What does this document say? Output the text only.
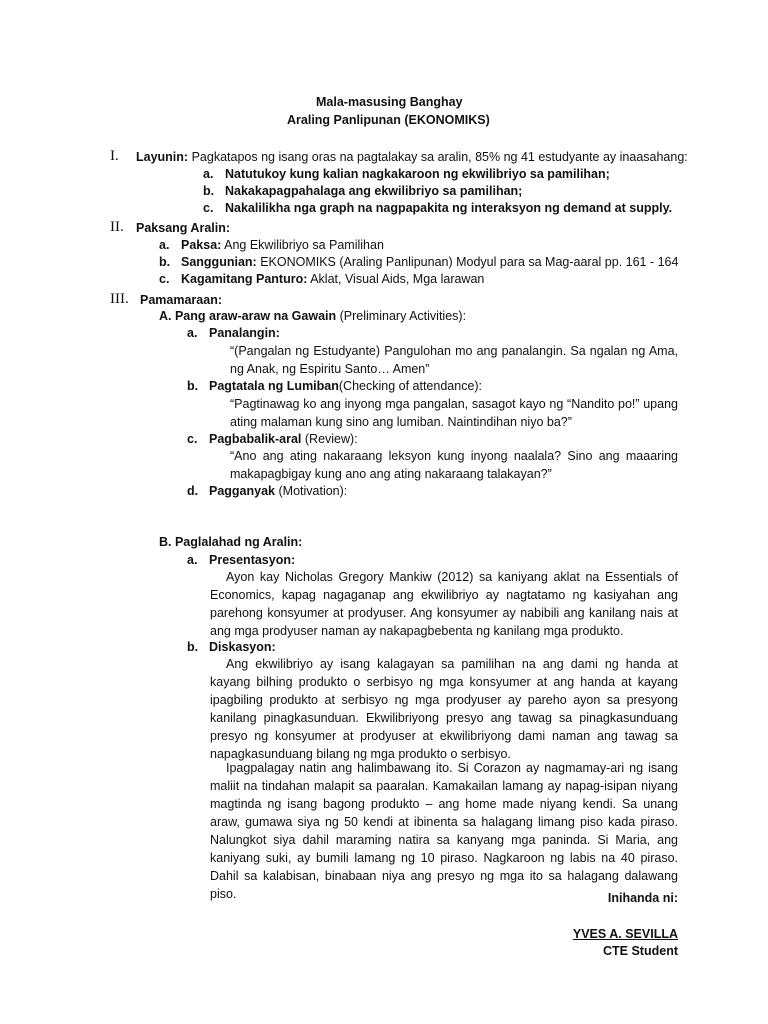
Mala-masusing Banghay
Araling Panlipunan (EKONOMIKS)
I. Layunin: Pagkatapos ng isang oras na pagtalakay sa aralin, 85% ng 41 estudyante ay inaasahang:
a. Natutukoy kung kalian nagkakaroon ng ekwilibriyo sa pamilihan;
b. Nakakapagpahalaga ang ekwilibriyo sa pamilihan;
c. Nakalilikha nga graph na nagpapakita ng interaksyon ng demand at supply.
II. Paksang Aralin:
a. Paksa: Ang Ekwilibriyo sa Pamilihan
b. Sanggunian: EKONOMIKS (Araling Panlipunan) Modyul para sa Mag-aaral pp. 161 - 164
c. Kagamitang Panturo: Aklat, Visual Aids, Mga larawan
III. Pamamaraan:
A. Pang araw-araw na Gawain (Preliminary Activities):
a. Panalangin:
“(Pangalan ng Estudyante) Pangulohan mo ang panalangin. Sa ngalan ng Ama, ng Anak, ng Espiritu Santo… Amen”
b. Pagtatala ng Lumiban(Checking of attendance):
“Pagtinawag ko ang inyong mga pangalan, sasagot kayo ng “Nandito po!” upang ating malaman kung sino ang lumiban. Naintindihan niyo ba?”
c. Pagbabalik-aral (Review):
“Ano ang ating nakaraang leksyon kung inyong naalala? Sino ang maaaring makapagbigay kung ano ang ating nakaraang talakayan?”
d. Pagganyak (Motivation):
B. Paglalahad ng Aralin:
a. Presentasyon:
Ayon kay Nicholas Gregory Mankiw (2012) sa kaniyang aklat na Essentials of Economics, kapag nagaganap ang ekwilibriyo ay nagtatamo ng kasiyahan ang parehong konsyumer at prodyuser. Ang konsyumer ay nabibili ang kanilang nais at ang mga prodyuser naman ay nakapagbebenta ng kanilang mga produkto.
b. Diskasyon:
Ang ekwilibriyo ay isang kalagayan sa pamilihan na ang dami ng handa at kayang bilhing produkto o serbisyo ng mga konsyumer at ang handa at kayang ipagbiling produkto at serbisyo ng mga prodyuser ay pareho ayon sa presyong kanilang pinagkasunduan. Ekwilibriyong presyo ang tawag sa pinagkasunduang presyo ng konsyumer at prodyuser at ekwilibriyong dami naman ang tawag sa napagkasunduang bilang ng mga produkto o serbisyo.
Ipagpalagay natin ang halimbawang ito. Si Corazon ay nagmamay-ari ng isang maliit na tindahan malapit sa paaralan. Kamakailan lamang ay napag-isipan niyang magtinda ng isang bagong produkto – ang home made niyang kendi. Sa unang araw, gumawa siya ng 50 kendi at ibinenta sa halagang limang piso kada piraso. Nalungkot siya dahil maraming natira sa kanyang mga paninda. Si Maria, ang kaniyang suki, ay bumili lamang ng 10 piraso. Nagkaroon ng labis na 40 piraso. Dahil sa kalabisan, binabaan niya ang presyo ng mga ito sa halagang dalawang piso.	Inihanda ni:
YVES A. SEVILLA
CTE Student
